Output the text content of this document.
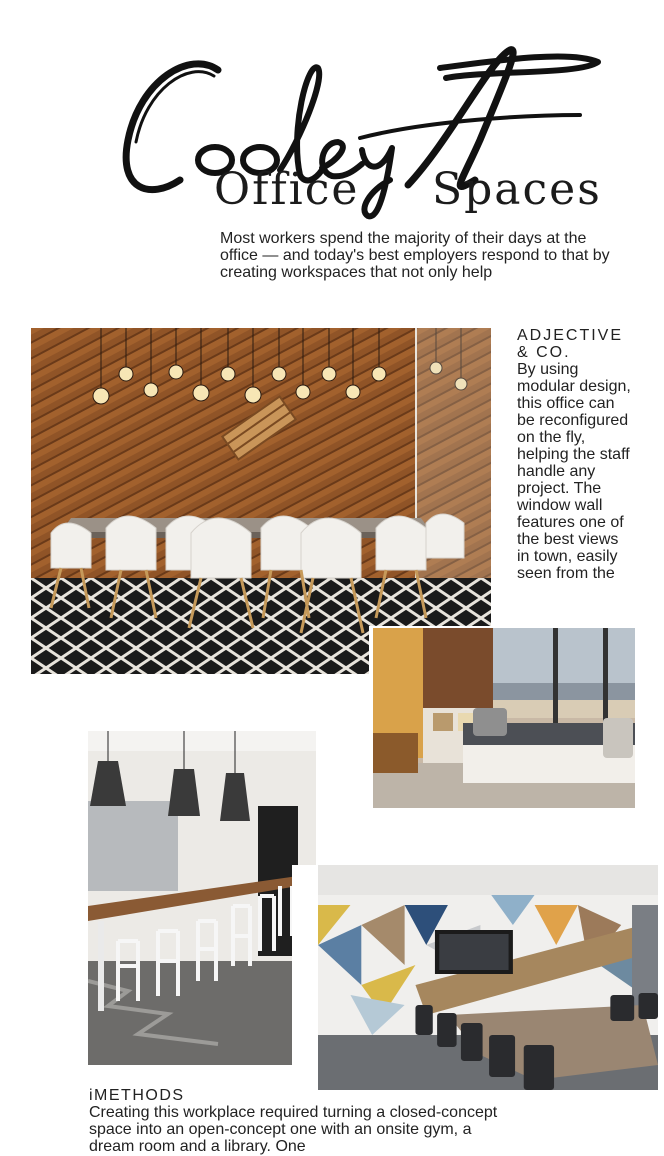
Office Spaces
Most workers spend the majority of their days at the office — and today's best employers respond to that by creating workspaces that not only help
ADJECTIVE & CO.
By using modular design, this office can be reconfigured on the fly, helping the staff handle any project. The window wall features one of the best views in town, easily seen from the
iMETHODS
Creating this workplace required turning a closed-concept space into an open-concept one with an onsite gym, a dream room and a library. One
